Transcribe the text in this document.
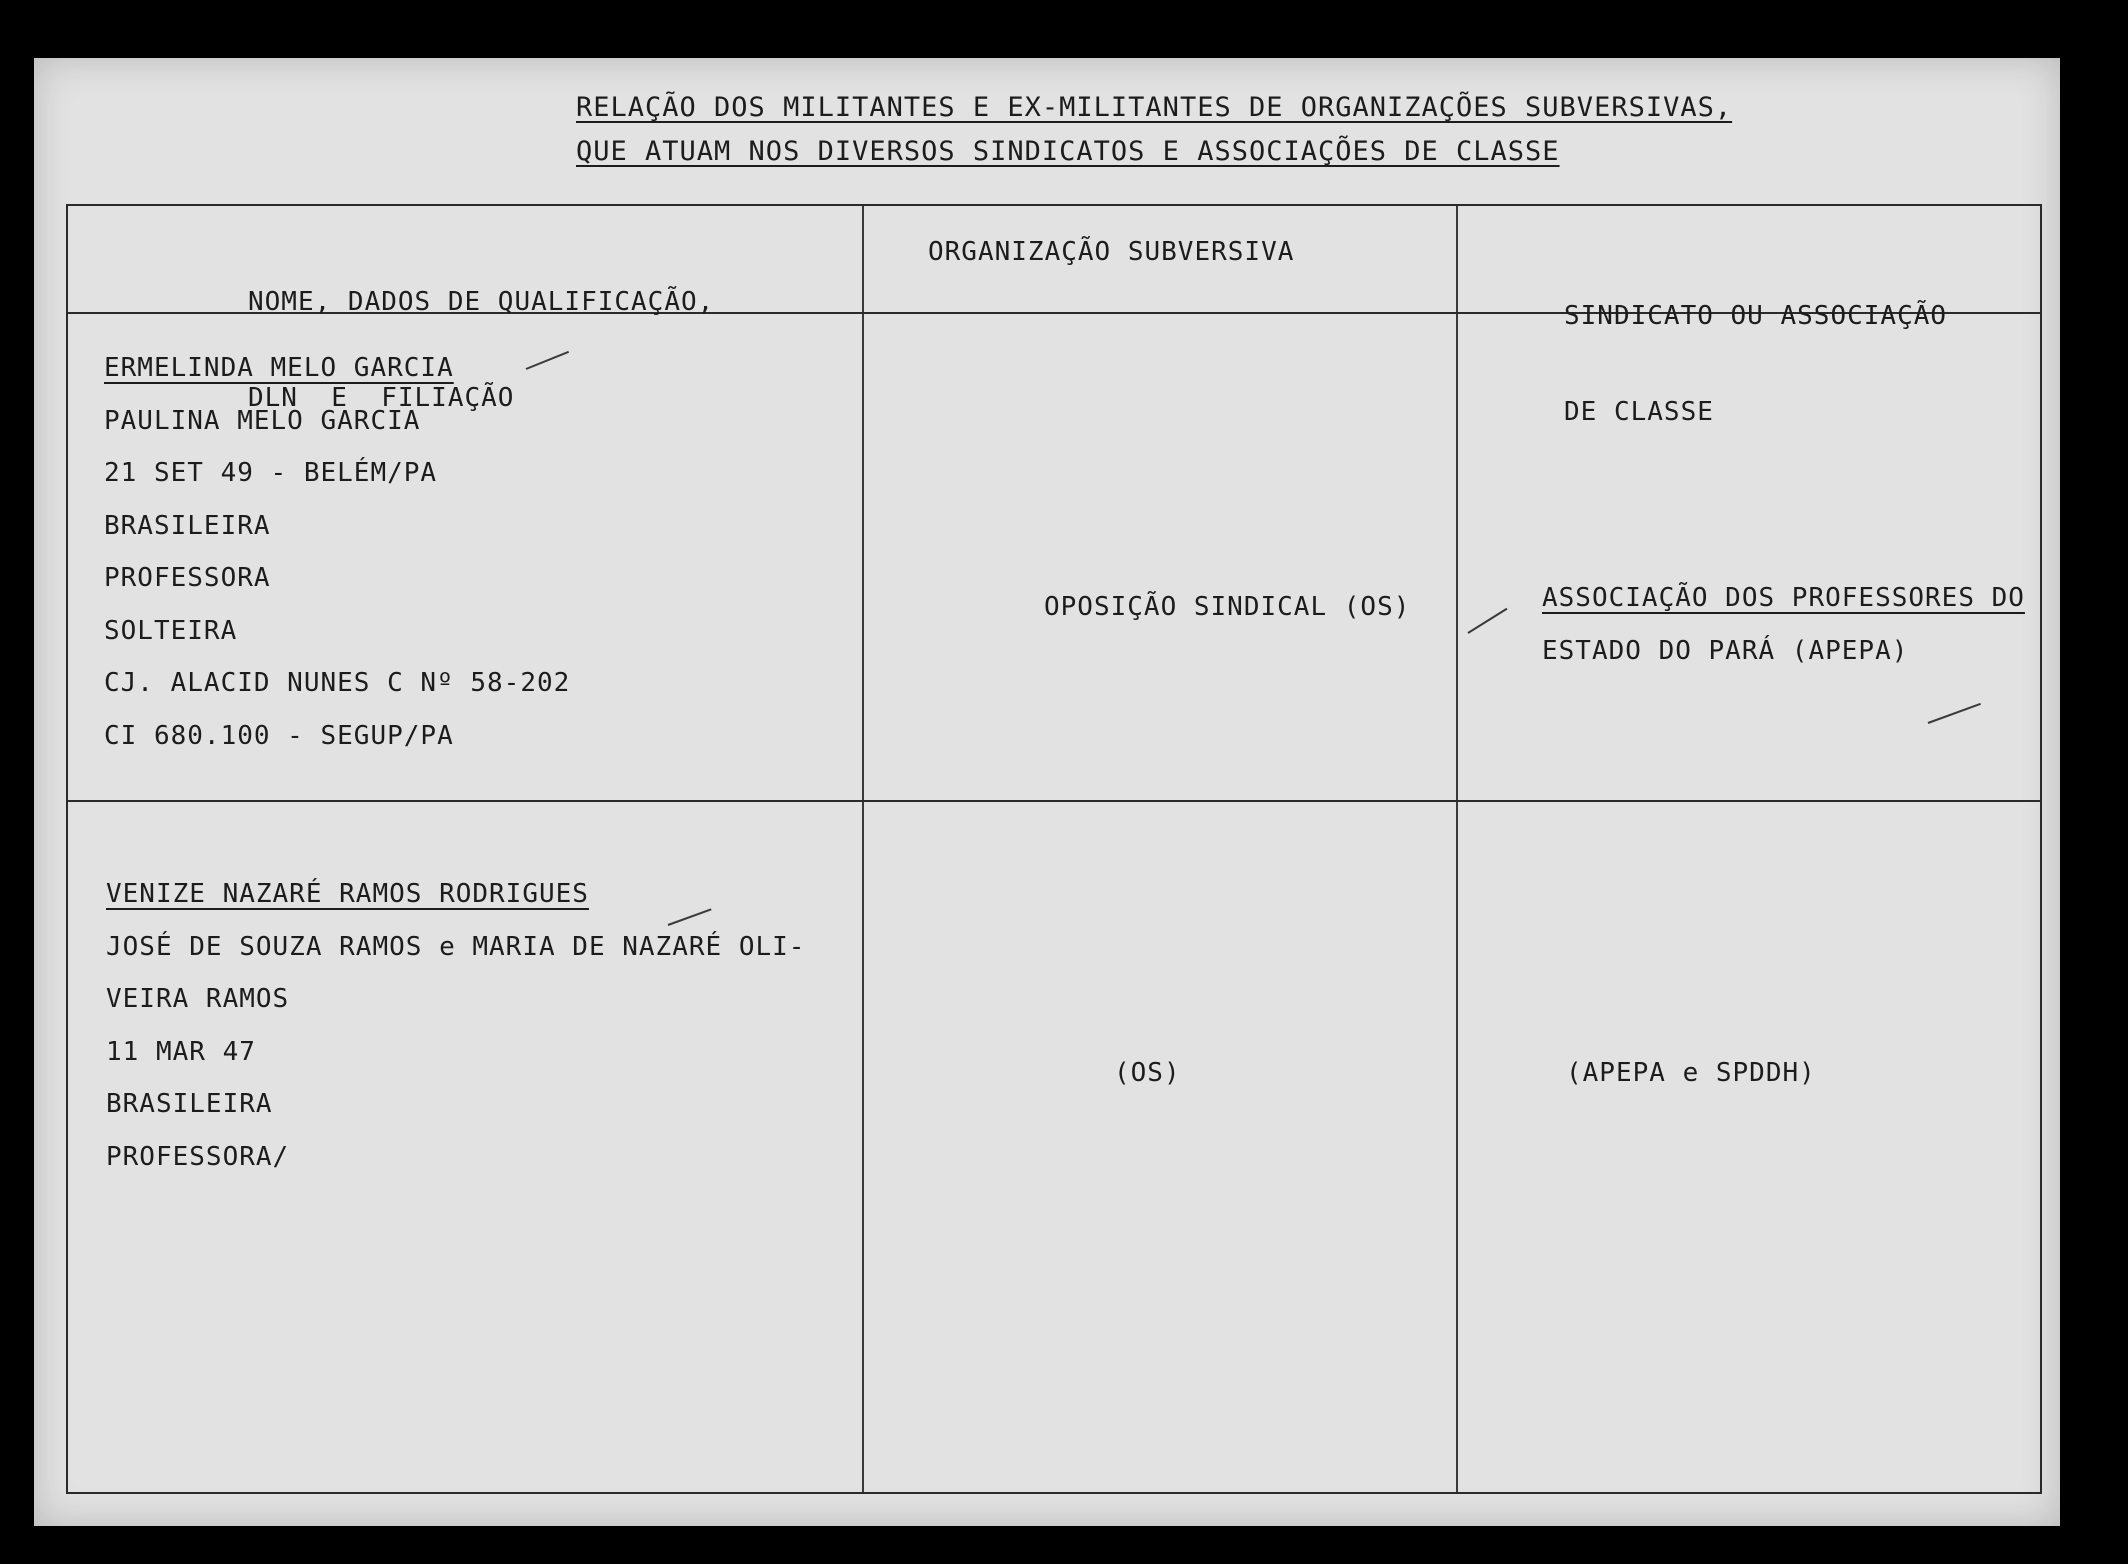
RELAÇÃO DOS MILITANTES E EX-MILITANTES DE ORGANIZAÇÕES SUBVERSIVAS,
QUE ATUAM NOS DIVERSOS SINDICATOS E ASSOCIAÇÕES DE CLASSE

NOME, DADOS DE QUALIFICAÇÃO,

DLN  E  FILIAÇÃO

ORGANIZAÇÃO SUBVERSIVA

SINDICATO OU ASSOCIAÇÃO

DE CLASSE

ERMELINDA MELO GARCIA
PAULINA MELO GARCIA
21 SET 49 - BELÉM/PA
BRASILEIRA
PROFESSORA
SOLTEIRA
CJ. ALACID NUNES C Nº 58-202
CI 680.100 - SEGUP/PA
OPOSIÇÃO SINDICAL (OS)	ASSOCIAÇÃO DOS PROFESSORES DO
ESTADO DO PARÁ (APEPA)
VENIZE NAZARÉ RAMOS RODRIGUES
JOSÉ DE SOUZA RAMOS e MARIA DE NAZARÉ OLI-
VEIRA RAMOS
11 MAR 47
BRASILEIRA
PROFESSORA/
(OS)	(APEPA e SPDDH)
